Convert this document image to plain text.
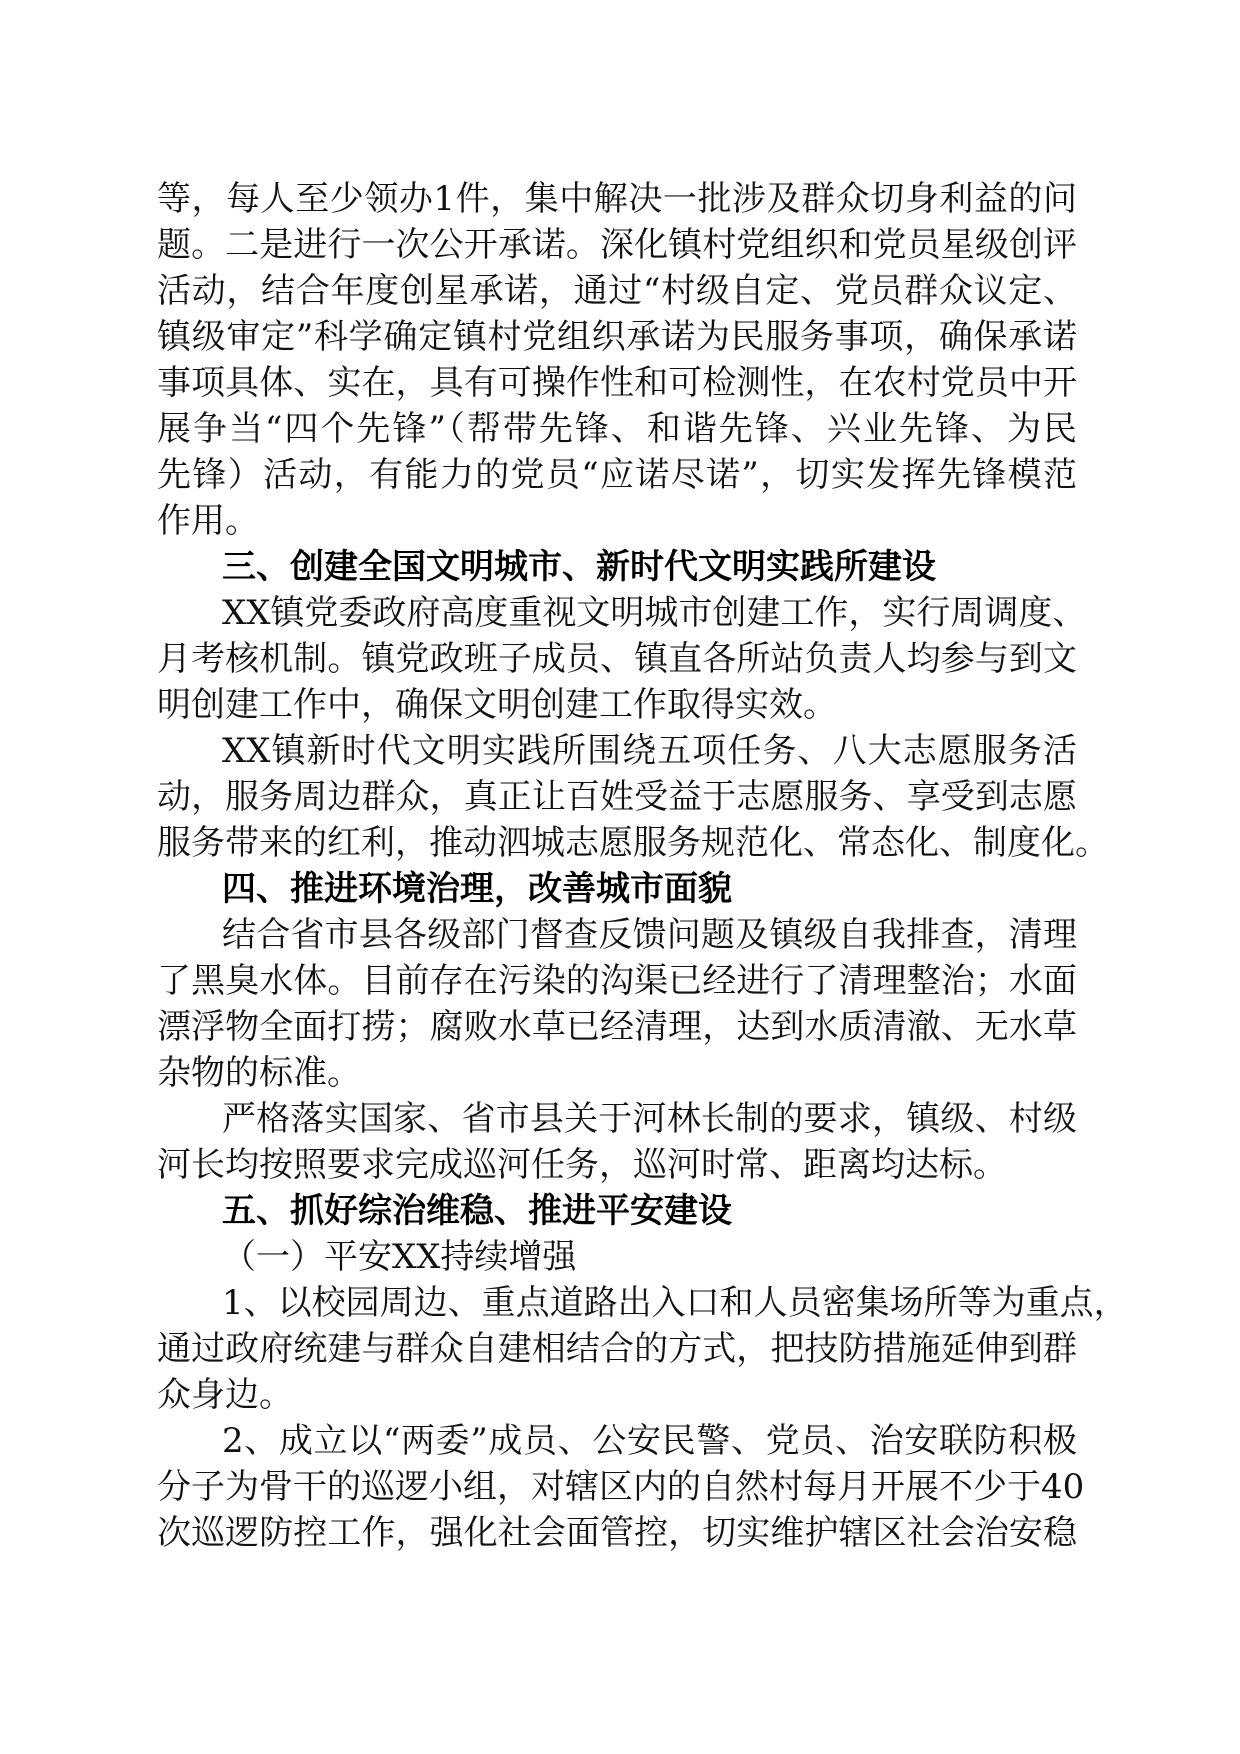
等，每人至少领办1件，集中解决一批涉及群众切身利益的问
题。二是进行一次公开承诺。深化镇村党组织和党员星级创评
活动，结合年度创星承诺，通过“村级自定、党员群众议定、
镇级审定”科学确定镇村党组织承诺为民服务事项，确保承诺
事项具体、实在，具有可操作性和可检测性，在农村党员中开
展争当“四个先锋”（帮带先锋、和谐先锋、兴业先锋、为民
先锋）活动，有能力的党员“应诺尽诺”，切实发挥先锋模范
作用。
三、创建全国文明城市、新时代文明实践所建设
XX镇党委政府高度重视文明城市创建工作，实行周调度、
月考核机制。镇党政班子成员、镇直各所站负责人均参与到文
明创建工作中，确保文明创建工作取得实效。
XX镇新时代文明实践所围绕五项任务、八大志愿服务活
动，服务周边群众，真正让百姓受益于志愿服务、享受到志愿
服务带来的红利，推动泗城志愿服务规范化、常态化、制度化。
四、推进环境治理，改善城市面貌
结合省市县各级部门督查反馈问题及镇级自我排查，清理
了黑臭水体。目前存在污染的沟渠已经进行了清理整治；水面
漂浮物全面打捞；腐败水草已经清理，达到水质清澈、无水草
杂物的标准。
严格落实国家、省市县关于河林长制的要求，镇级、村级
河长均按照要求完成巡河任务，巡河时常、距离均达标。
五、抓好综治维稳、推进平安建设
（一）平安XX持续增强
1、以校园周边、重点道路出入口和人员密集场所等为重点，
通过政府统建与群众自建相结合的方式，把技防措施延伸到群
众身边。
2、成立以“两委”成员、公安民警、党员、治安联防积极
分子为骨干的巡逻小组，对辖区内的自然村每月开展不少于40
次巡逻防控工作，强化社会面管控，切实维护辖区社会治安稳
